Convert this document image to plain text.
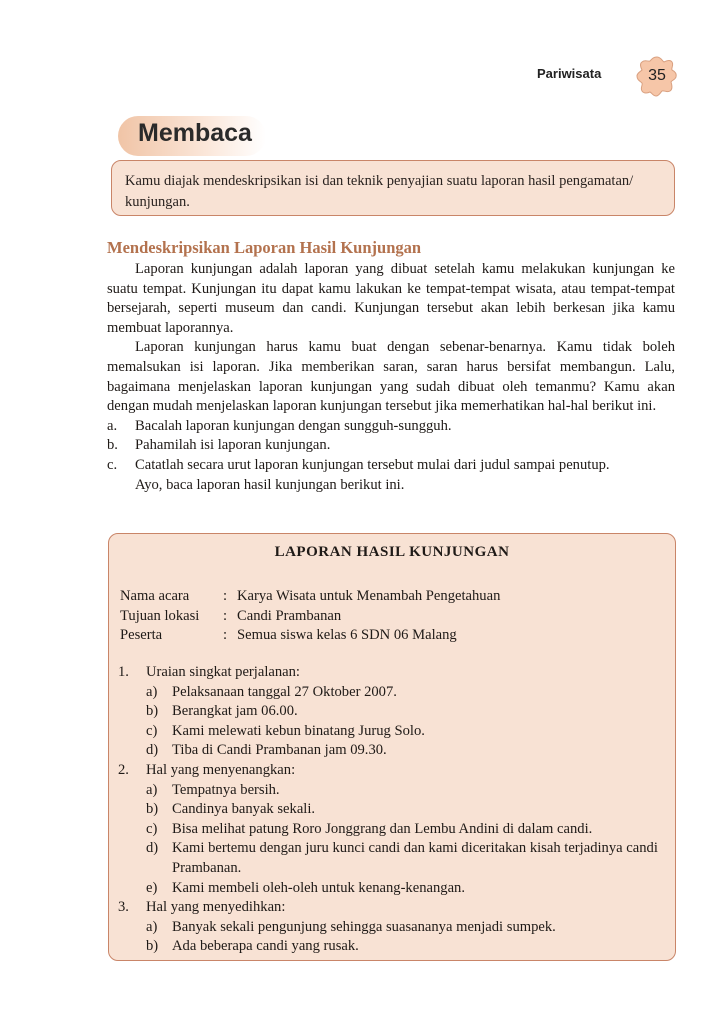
Pariwisata	35
Membaca
Kamu diajak mendeskripsikan isi dan teknik penyajian suatu laporan hasil pengamatan/ kunjungan.
Mendeskripsikan Laporan Hasil Kunjungan

Laporan kunjungan adalah laporan yang dibuat setelah kamu melakukan kunjungan ke suatu tempat. Kunjungan itu dapat kamu lakukan ke tempat-tempat wisata, atau tempat-tempat bersejarah, seperti museum dan candi. Kunjungan tersebut akan lebih berkesan jika kamu membuat laporannya.

Laporan kunjungan harus kamu buat dengan sebenar-benarnya. Kamu tidak boleh memalsukan isi laporan. Jika memberikan saran, saran harus bersifat membangun. Lalu, bagaimana menjelaskan laporan kunjungan yang sudah dibuat oleh temanmu? Kamu akan dengan mudah menjelaskan laporan kunjungan tersebut jika memerhatikan hal-hal berikut ini.

a.	Bacalah laporan kunjungan dengan sungguh-sungguh.
b.	Pahamilah isi laporan kunjungan.
c.	Catatlah secara urut laporan kunjungan tersebut mulai dari judul sampai penutup.

Ayo, baca laporan hasil kunjungan berikut ini.

LAPORAN HASIL KUNJUNGAN
Nama acara	: Karya Wisata untuk Menambah Pengetahuan
Tujuan lokasi	: Candi Prambanan
Peserta	: Semua siswa kelas 6 SDN 06 Malang
1.	Uraian singkat perjalanan:
a)	Pelaksanaan tanggal 27 Oktober 2007.
b) Berangkat jam 06.00.
c)	Kami melewati kebun binatang Jurug Solo.
d) Tiba di Candi Prambanan jam 09.30.
2.	Hal yang menyenangkan:
a)	Tempatnya bersih.
b) Candinya banyak sekali.
c)	Bisa melihat patung Roro Jonggrang dan Lembu Andini di dalam candi.
d) Kami bertemu dengan juru kunci candi dan kami diceritakan kisah terjadinya candi Prambanan.
e)	Kami membeli oleh-oleh untuk kenang-kenangan.
3.	Hal yang menyedihkan:
a)	Banyak sekali pengunjung sehingga suasananya menjadi sumpek.
b) Ada beberapa candi yang rusak.
